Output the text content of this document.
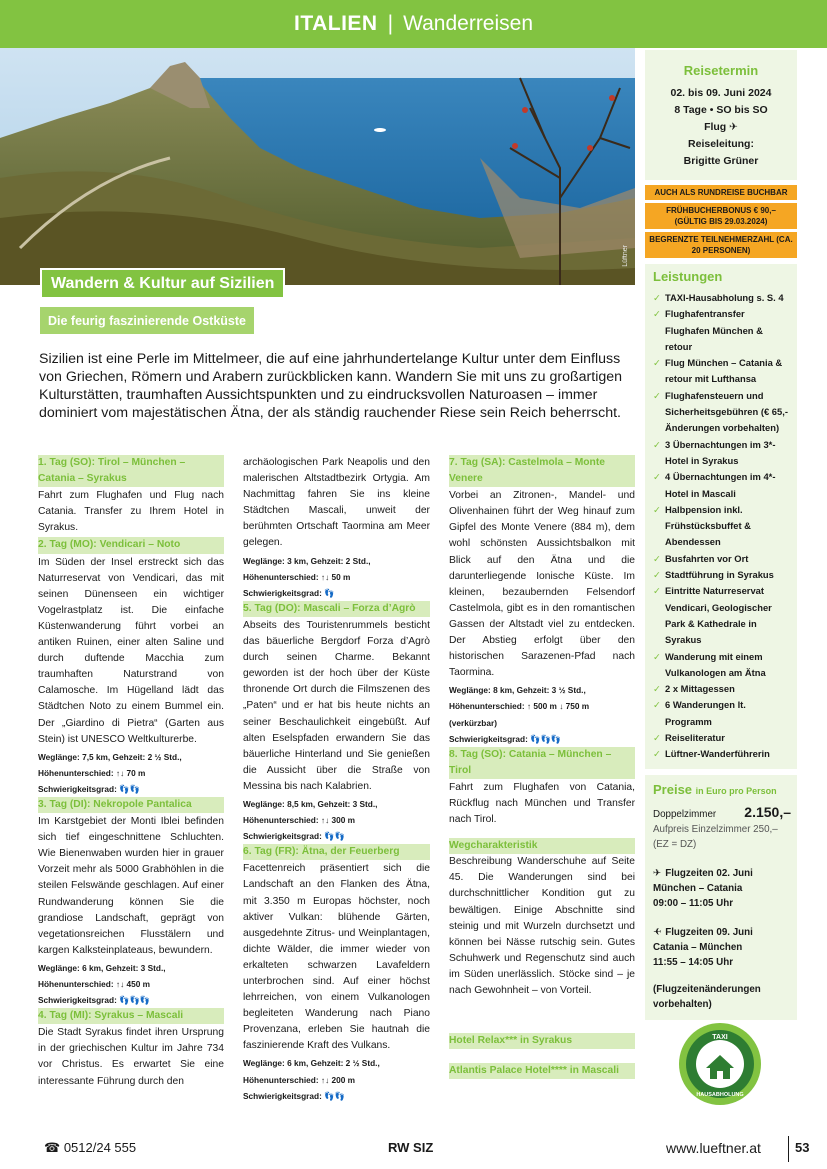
ITALIEN | Wanderreisen
Lüftner
Wandern & Kultur auf Sizilien
Die feurig faszinierende Ostküste

Sizilien ist eine Perle im Mittelmeer, die auf eine jahrhundertelange Kultur unter dem Einfluss von Griechen, Römern und Arabern zurückblicken kann. Wandern Sie mit uns zu großartigen Kulturstätten, traumhaften Aussichtspunkten und zu eindrucksvollen Naturoasen – immer dominiert vom majestätischen Ätna, der als ständig rauchender Riese sein Reich beherrscht.

1. Tag (SO): Tirol – München – Catania – Syrakus

Fahrt zum Flughafen und Flug nach Catania. Transfer zu Ihrem Hotel in Syrakus.

2. Tag (MO): Vendicari – Noto

Im Süden der Insel erstreckt sich das Naturreservat von Vendicari, das mit seinen Dünenseen ein wichtiger Vogelrastplatz ist. Die einfache Küstenwanderung führt vorbei an antiken Ruinen, einer alten Saline und durch duftende Macchia zum traumhaften Naturstrand von Calamosche. Im Hügelland lädt das Städtchen Noto zu einem Bummel ein. Der „Giardino di Pietra“ (Garten aus Stein) ist UNESCO Weltkulturerbe.

Weglänge: 7,5 km, Gehzeit: 2 ½ Std.,
Höhenunterschied: ↑↓ 70 m
Schwierigkeitsgrad: 👣👣
3. Tag (DI): Nekropole Pantalica

Im Karstgebiet der Monti Iblei befinden sich tief eingeschnittene Schluchten. Wie Bienenwaben wurden hier in grauer Vorzeit mehr als 5000 Grabhöhlen in die steilen Felswände geschlagen. Auf einer Rundwanderung können Sie die grandiose Landschaft, geprägt von vegetationsreichen Flusstälern und kargen Kalksteinplateaus, bewundern.

Weglänge: 6 km, Gehzeit: 3 Std.,
Höhenunterschied: ↑↓ 450 m
Schwierigkeitsgrad: 👣👣👣
4. Tag (MI): Syrakus – Mascali

Die Stadt Syrakus findet ihren Ursprung in der griechischen Kultur im Jahre 734 vor Christus. Es erwartet Sie eine interessante Führung durch den

archäologischen Park Neapolis und den malerischen Altstadtbezirk Ortygia. Am Nachmittag fahren Sie ins kleine Städtchen Mascali, unweit der berühmten Ortschaft Taormina am Meer gelegen.

Weglänge: 3 km, Gehzeit: 2 Std.,
Höhenunterschied: ↑↓ 50 m
Schwierigkeitsgrad: 👣
5. Tag (DO): Mascali – Forza d’Agrò

Abseits des Touristenrummels besticht das bäuerliche Bergdorf Forza d’Agrò durch seinen Charme. Bekannt geworden ist der hoch über der Küste thronende Ort durch die Filmszenen des „Paten“ und er hat bis heute nichts an seiner Beschaulichkeit eingebüßt. Auf alten Eselspfaden erwandern Sie das bäuerliche Hinterland und Sie genießen die Aussicht über die Straße von Messina bis nach Kalabrien.

Weglänge: 8,5 km, Gehzeit: 3 Std.,
Höhenunterschied: ↑↓ 300 m
Schwierigkeitsgrad: 👣👣
6. Tag (FR): Ätna, der Feuerberg

Facettenreich präsentiert sich die Landschaft an den Flanken des Ätna, mit 3.350 m Europas höchster, noch aktiver Vulkan: blühende Gärten, ausgedehnte Zitrus- und Weinplantagen, dichte Wälder, die immer wieder von erkalteten schwarzen Lavafeldern unterbrochen sind. Auf einer höchst lehrreichen, von einem Vulkanologen begleiteten Wanderung nach Piano Provenzana, erleben Sie hautnah die faszinierende Kraft des Vulkans.

Weglänge: 6 km, Gehzeit: 2 ½ Std.,
Höhenunterschied: ↑↓ 200 m
Schwierigkeitsgrad: 👣👣
7. Tag (SA): Castelmola – Monte Venere

Vorbei an Zitronen-, Mandel- und Olivenhainen führt der Weg hinauf zum Gipfel des Monte Venere (884 m), dem wohl schönsten Aussichtsbalkon mit Blick auf den Ätna und die darunterliegende Ionische Küste. Im kleinen, bezaubernden Felsendorf Castelmola, gibt es in den romantischen Gassen der Altstadt viel zu entdecken. Der Abstieg erfolgt über den historischen Sarazenen-Pfad nach Taormina.

Weglänge: 8 km, Gehzeit: 3 ½ Std.,
Höhenunterschied: ↑ 500 m ↓ 750 m
(verkürzbar)
Schwierigkeitsgrad: 👣👣👣
8. Tag (SO): Catania – München – Tirol

Fahrt zum Flughafen von Catania, Rückflug nach München und Transfer nach Tirol.

Wegcharakteristik

Beschreibung Wanderschuhe auf Seite 45. Die Wanderungen sind bei durchschnittlicher Kondition gut zu bewältigen. Einige Abschnitte sind steinig und mit Wurzeln durchsetzt und können bei Nässe rutschig sein. Gutes Schuhwerk und Regenschutz sind auch im Süden unerlässlich. Stöcke sind – je nach Gewohnheit – von Vorteil.

Hotel Relax*** in Syrakus
Atlantis Palace Hotel**** in Mascali
Reisetermin
02. bis 09. Juni 2024
8 Tage • SO bis SO
Flug ✈
Reiseleitung:
Brigitte Grüner
AUCH ALS RUNDREISE BUCHBAR
FRÜHBUCHERBONUS € 90,– (GÜLTIG BIS 29.03.2024)
BEGRENZTE TEILNEHMERZAHL (CA. 20 PERSONEN)
Leistungen
✓ TAXI-Hausabholung s. S. 4
✓ Flughafentransfer Flughafen München & retour
✓ Flug München – Catania & retour mit Lufthansa
✓ Flughafensteuern und Sicherheitsgebühren (€ 65,- Änderungen vorbehalten)
✓ 3 Übernachtungen im 3*-Hotel in Syrakus
✓ 4 Übernachtungen im 4*-Hotel in Mascali
✓ Halbpension inkl. Frühstücksbuffet & Abendessen
✓ Busfahrten vor Ort
✓ Stadtführung in Syrakus
✓ Eintritte Naturreservat Vendicari, Geologischer Park & Kathedrale in Syrakus
✓ Wanderung mit einem Vulkanologen am Ätna
✓ 2 x Mittagessen
✓ 6 Wanderungen lt. Programm
✓ Reiseliteratur
✓ Lüftner-Wanderführerin
Preise in Euro pro Person
Doppelzimmer 2.150,–
Aufpreis Einzelzimmer 250,– (EZ = DZ)
✈ Flugzeiten 02. Juni
München – Catania
09:00 – 11:05 Uhr
✈ Flugzeiten 09. Juni
Catania – München
11:55 – 14:05 Uhr
(Flugzeitenänderungen vorbehalten)
TAXI
HAUSABHOLUNG
☎ 0512/24 555	RW SIZ	www.lueftner.at	53
